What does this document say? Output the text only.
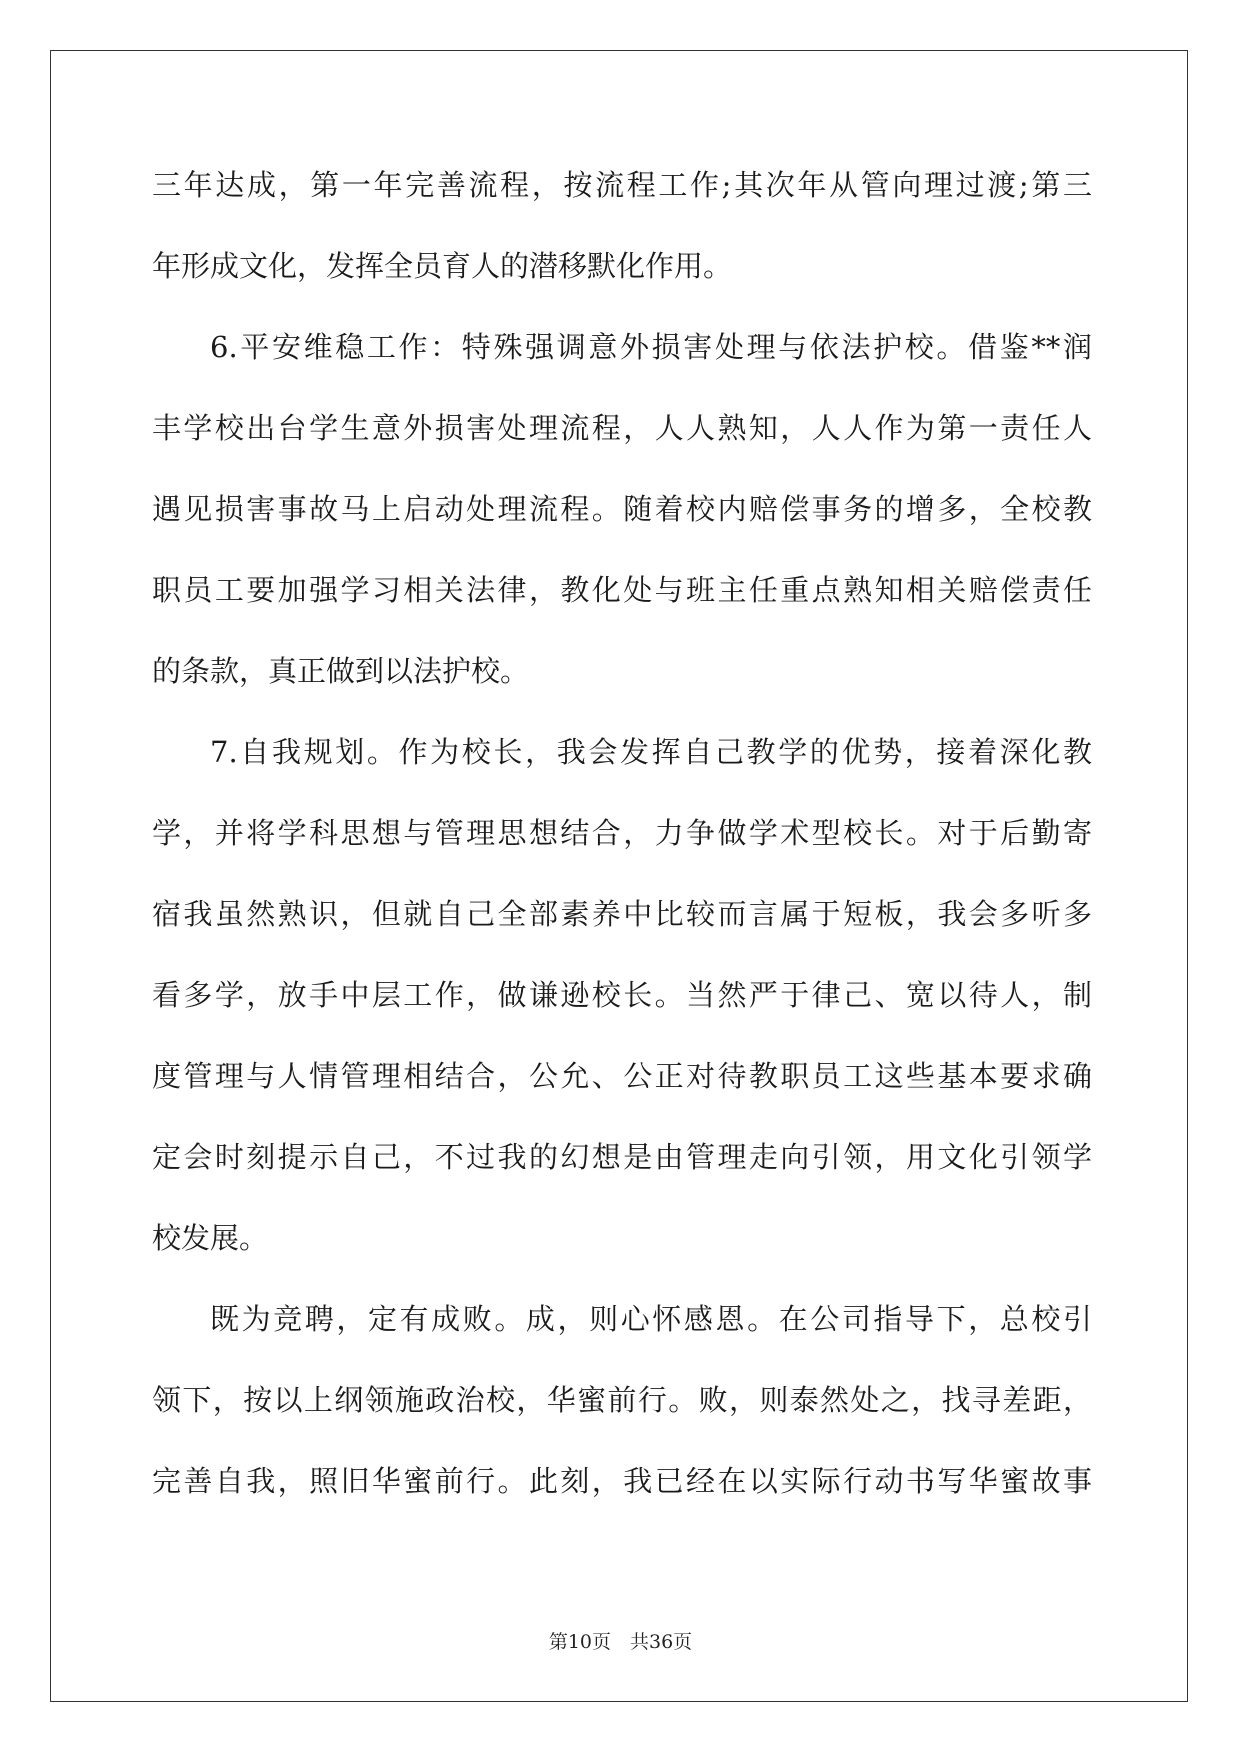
三年达成，第一年完善流程，按流程工作;其次年从管向理过渡;第三
年形成文化，发挥全员育人的潜移默化作用。
6.平安维稳工作：特殊强调意外损害处理与依法护校。借鉴**润
丰学校出台学生意外损害处理流程，人人熟知，人人作为第一责任人
遇见损害事故马上启动处理流程。随着校内赔偿事务的增多，全校教
职员工要加强学习相关法律，教化处与班主任重点熟知相关赔偿责任
的条款，真正做到以法护校。
7.自我规划。作为校长，我会发挥自己教学的优势，接着深化教
学，并将学科思想与管理思想结合，力争做学术型校长。对于后勤寄
宿我虽然熟识，但就自己全部素养中比较而言属于短板，我会多听多
看多学，放手中层工作，做谦逊校长。当然严于律己、宽以待人，制
度管理与人情管理相结合，公允、公正对待教职员工这些基本要求确
定会时刻提示自己，不过我的幻想是由管理走向引领，用文化引领学
校发展。
既为竞聘，定有成败。成，则心怀感恩。在公司指导下，总校引
领下，按以上纲领施政治校，华蜜前行。败，则泰然处之，找寻差距，
完善自我，照旧华蜜前行。此刻，我已经在以实际行动书写华蜜故事
第10页　共36页
